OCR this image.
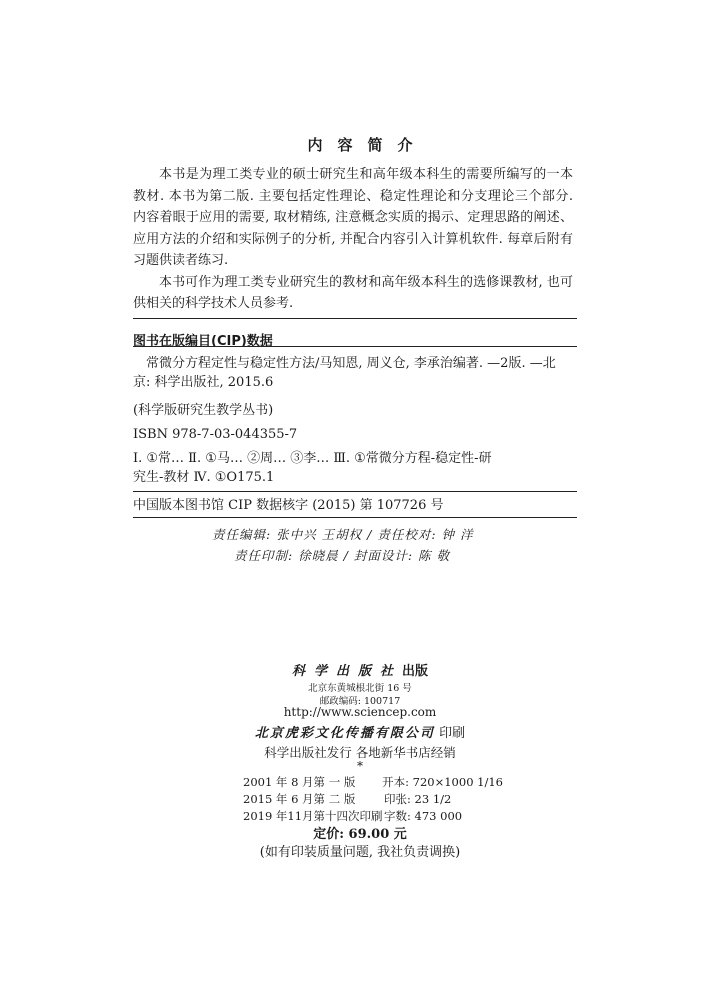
内容简介

本书是为理工类专业的硕士研究生和高年级本科生的需要所编写的一本教材. 本书为第二版. 主要包括定性理论、稳定性理论和分支理论三个部分. 内容着眼于应用的需要, 取材精练, 注意概念实质的揭示、定理思路的阐述、应用方法的介绍和实际例子的分析, 并配合内容引入计算机软件. 每章后附有习题供读者练习.

本书可作为理工类专业研究生的教材和高年级本科生的选修课教材, 也可供相关的科学技术人员参考.

图书在版编目(CIP)数据
常微分方程定性与稳定性方法/马知恩, 周义仓, 李承治编著. —2版. —北
京: 科学出版社, 2015.6
(科学版研究生教学丛书)
ISBN 978-7-03-044355-7
Ⅰ. ①常… Ⅱ. ①马… ②周… ③李… Ⅲ. ①常微分方程-稳定性-研
究生-教材 Ⅳ. ①O175.1
中国版本图书馆 CIP 数据核字 (2015) 第 107726 号
责任编辑: 张中兴 王胡权 / 责任校对: 钟 洋
责任印制: 徐晓晨 / 封面设计: 陈 敬
科学出版社出版
北京东黄城根北街 16 号
邮政编码: 100717
http://www.sciencep.com
北京虎彩文化传播有限公司 印刷
科学出版社发行 各地新华书店经销
*
2001 年 8 月第 一 版	开本: 720×1000 1/16
2015 年 6 月第 二 版	印张: 23 1/2
2019 年11月第十四次印刷 字数: 473 000
定价: 69.00 元
(如有印装质量问题, 我社负责调换)
